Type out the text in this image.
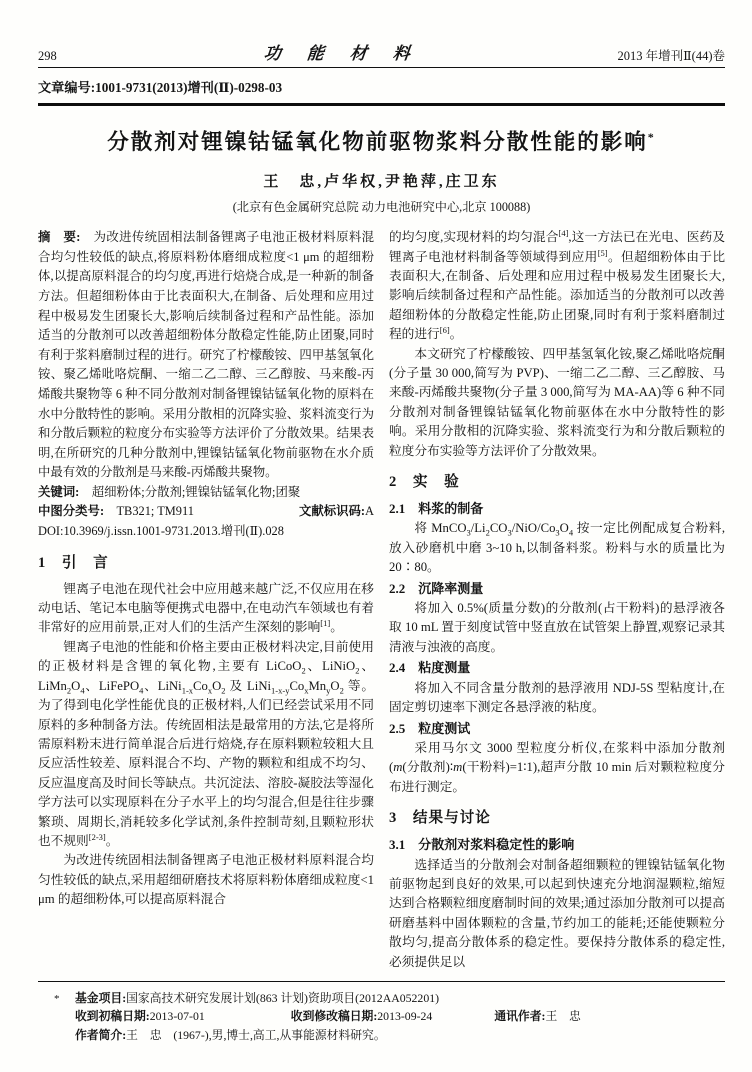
298	功能材料	2013 年增刊Ⅱ(44)卷
文章编号:1001-9731(2013)增刊(Ⅱ)-0298-03
分散剂对锂镍钴锰氧化物前驱物浆料分散性能的影响*
王　忠,卢华权,尹艳萍,庄卫东
(北京有色金属研究总院 动力电池研究中心,北京 100088)

摘　要:　 为改进传统固相法制备锂离子电池正极材料原料混合均匀性较低的缺点,将原料粉体磨细成粒度<1 μm 的超细粉体,以提高原料混合的均匀度,再进行焙烧合成,是一种新的制备方法。但超细粉体由于比表面积大,在制备、后处理和应用过程中极易发生团聚长大,影响后续制备过程和产品性能。添加适当的分散剂可以改善超细粉体分散稳定性能,防止团聚,同时有利于浆料磨制过程的进行。研究了柠檬酸铵、四甲基氢氧化铵、聚乙烯吡咯烷酮、一缩二乙二醇、三乙醇胺、马来酸-丙烯酸共聚物等 6 种不同分散剂对制备锂镍钴锰氧化物的原料在水中分散特性的影响。采用分散相的沉降实验、浆料流变行为和分散后颗粒的粒度分布实验等方法评价了分散效果。结果表明,在所研究的几种分散剂中,锂镍钴锰氧化物前驱物在水介质中最有效的分散剂是马来酸-丙烯酸共聚物。

关键词:　 超细粉体;分散剂;锂镍钴锰氧化物;团聚
中图分类号:　 TB321; TM911	文献标识码:A
DOI:10.3969/j.issn.1001-9731.2013.增刊(Ⅱ).028
1　引　言

锂离子电池在现代社会中应用越来越广泛,不仅应用在移动电话、笔记本电脑等便携式电器中,在电动汽车领域也有着非常好的应用前景,正对人们的生活产生深刻的影响[1]。

锂离子电池的性能和价格主要由正极材料决定,目前使用的正极材料是含锂的氧化物,主要有 LiCoO$_2$、LiNiO$_2$、$LiMn_2O_4$、LiFePO$_4$、$LiNi_{1-x}Co_xO_2$ 及 $LiNi_{1-x-y}Co_xMn_yO_2$ 等。为了得到电化学性能优良的正极材料,人们已经尝试采用不同原料的多种制备方法。传统固相法是最常用的方法,它是将所需原料粉末进行简单混合后进行焙烧,存在原料颗粒较粗大且反应活性较差、原料混合不均、产物的颗粒和组成不均匀、反应温度高及时间长等缺点。共沉淀法、溶胶-凝胶法等湿化学方法可以实现原料在分子水平上的均匀混合,但是往往步骤繁琐、周期长,消耗较多化学试剂,条件控制苛刻,且颗粒形状也不规则[2-3]。

为改进传统固相法制备锂离子电池正极材料原料混合均匀性较低的缺点,采用超细研磨技术将原料粉体磨细成粒度<1 μm 的超细粉体,可以提高原料混合

的均匀度,实现材料的均匀混合[4],这一方法已在光电、医药及锂离子电池材料制备等领域得到应用[5]。但超细粉体由于比表面积大,在制备、后处理和应用过程中极易发生团聚长大,影响后续制备过程和产品性能。添加适当的分散剂可以改善超细粉体的分散稳定性能,防止团聚,同时有利于浆料磨制过程的进行[6]。

本文研究了柠檬酸铵、四甲基氢氧化铵,聚乙烯吡咯烷酮(分子量 30 000,简写为 PVP)、一缩二乙二醇、三乙醇胺、马来酸-丙烯酸共聚物(分子量 3 000,简写为 MA-AA)等 6 种不同分散剂对制备锂镍钴锰氧化物前驱体在水中分散特性的影响。采用分散相的沉降实验、浆料流变行为和分散后颗粒的粒度分布实验等方法评价了分散效果。

2　实　验
2.1　料浆的制备

将 $MnCO_3/Li_2CO_3/NiO/Co_3O_4$ 按一定比例配成复合粉料,放入砂磨机中磨 3~10 h,以制备料浆。粉料与水的质量比为 20∶80。

2.2　沉降率测量

将加入 0.5%(质量分数)的分散剂(占干粉料)的悬浮液各取 10 mL 置于刻度试管中竖直放在试管架上静置,观察记录其清液与浊液的高度。

2.4　粘度测量

将加入不同含量分散剂的悬浮液用 NDJ-5S 型粘度计,在固定剪切速率下测定各悬浮液的粘度。

2.5　粒度测试

采用马尔文 3000 型粒度分析仪,在浆料中添加分散剂(m(分散剂)∶m(干粉料)=1∶1),超声分散 10 min 后对颗粒粒度分布进行测定。

3　结果与讨论
3.1　分散剂对浆料稳定性的影响

选择适当的分散剂会对制备超细颗粒的锂镍钴锰氧化物前驱物起到良好的效果,可以起到快速充分地润湿颗粒,缩短达到合格颗粒细度磨制时间的效果;通过添加分散剂可以提高研磨基料中固体颗粒的含量,节约加工的能耗;还能使颗粒分散均匀,提高分散体系的稳定性。要保持分散体系的稳定性,必须提供足以

* 基金项目:国家高技术研究发展计划(863 计划)资助项目(2012AA052201)
收到初稿日期:2013-07-01	收到修改稿日期:2013-09-24	通讯作者:王　忠
作者简介:王　忠　(1967-),男,博士,高工,从事能源材料研究。
